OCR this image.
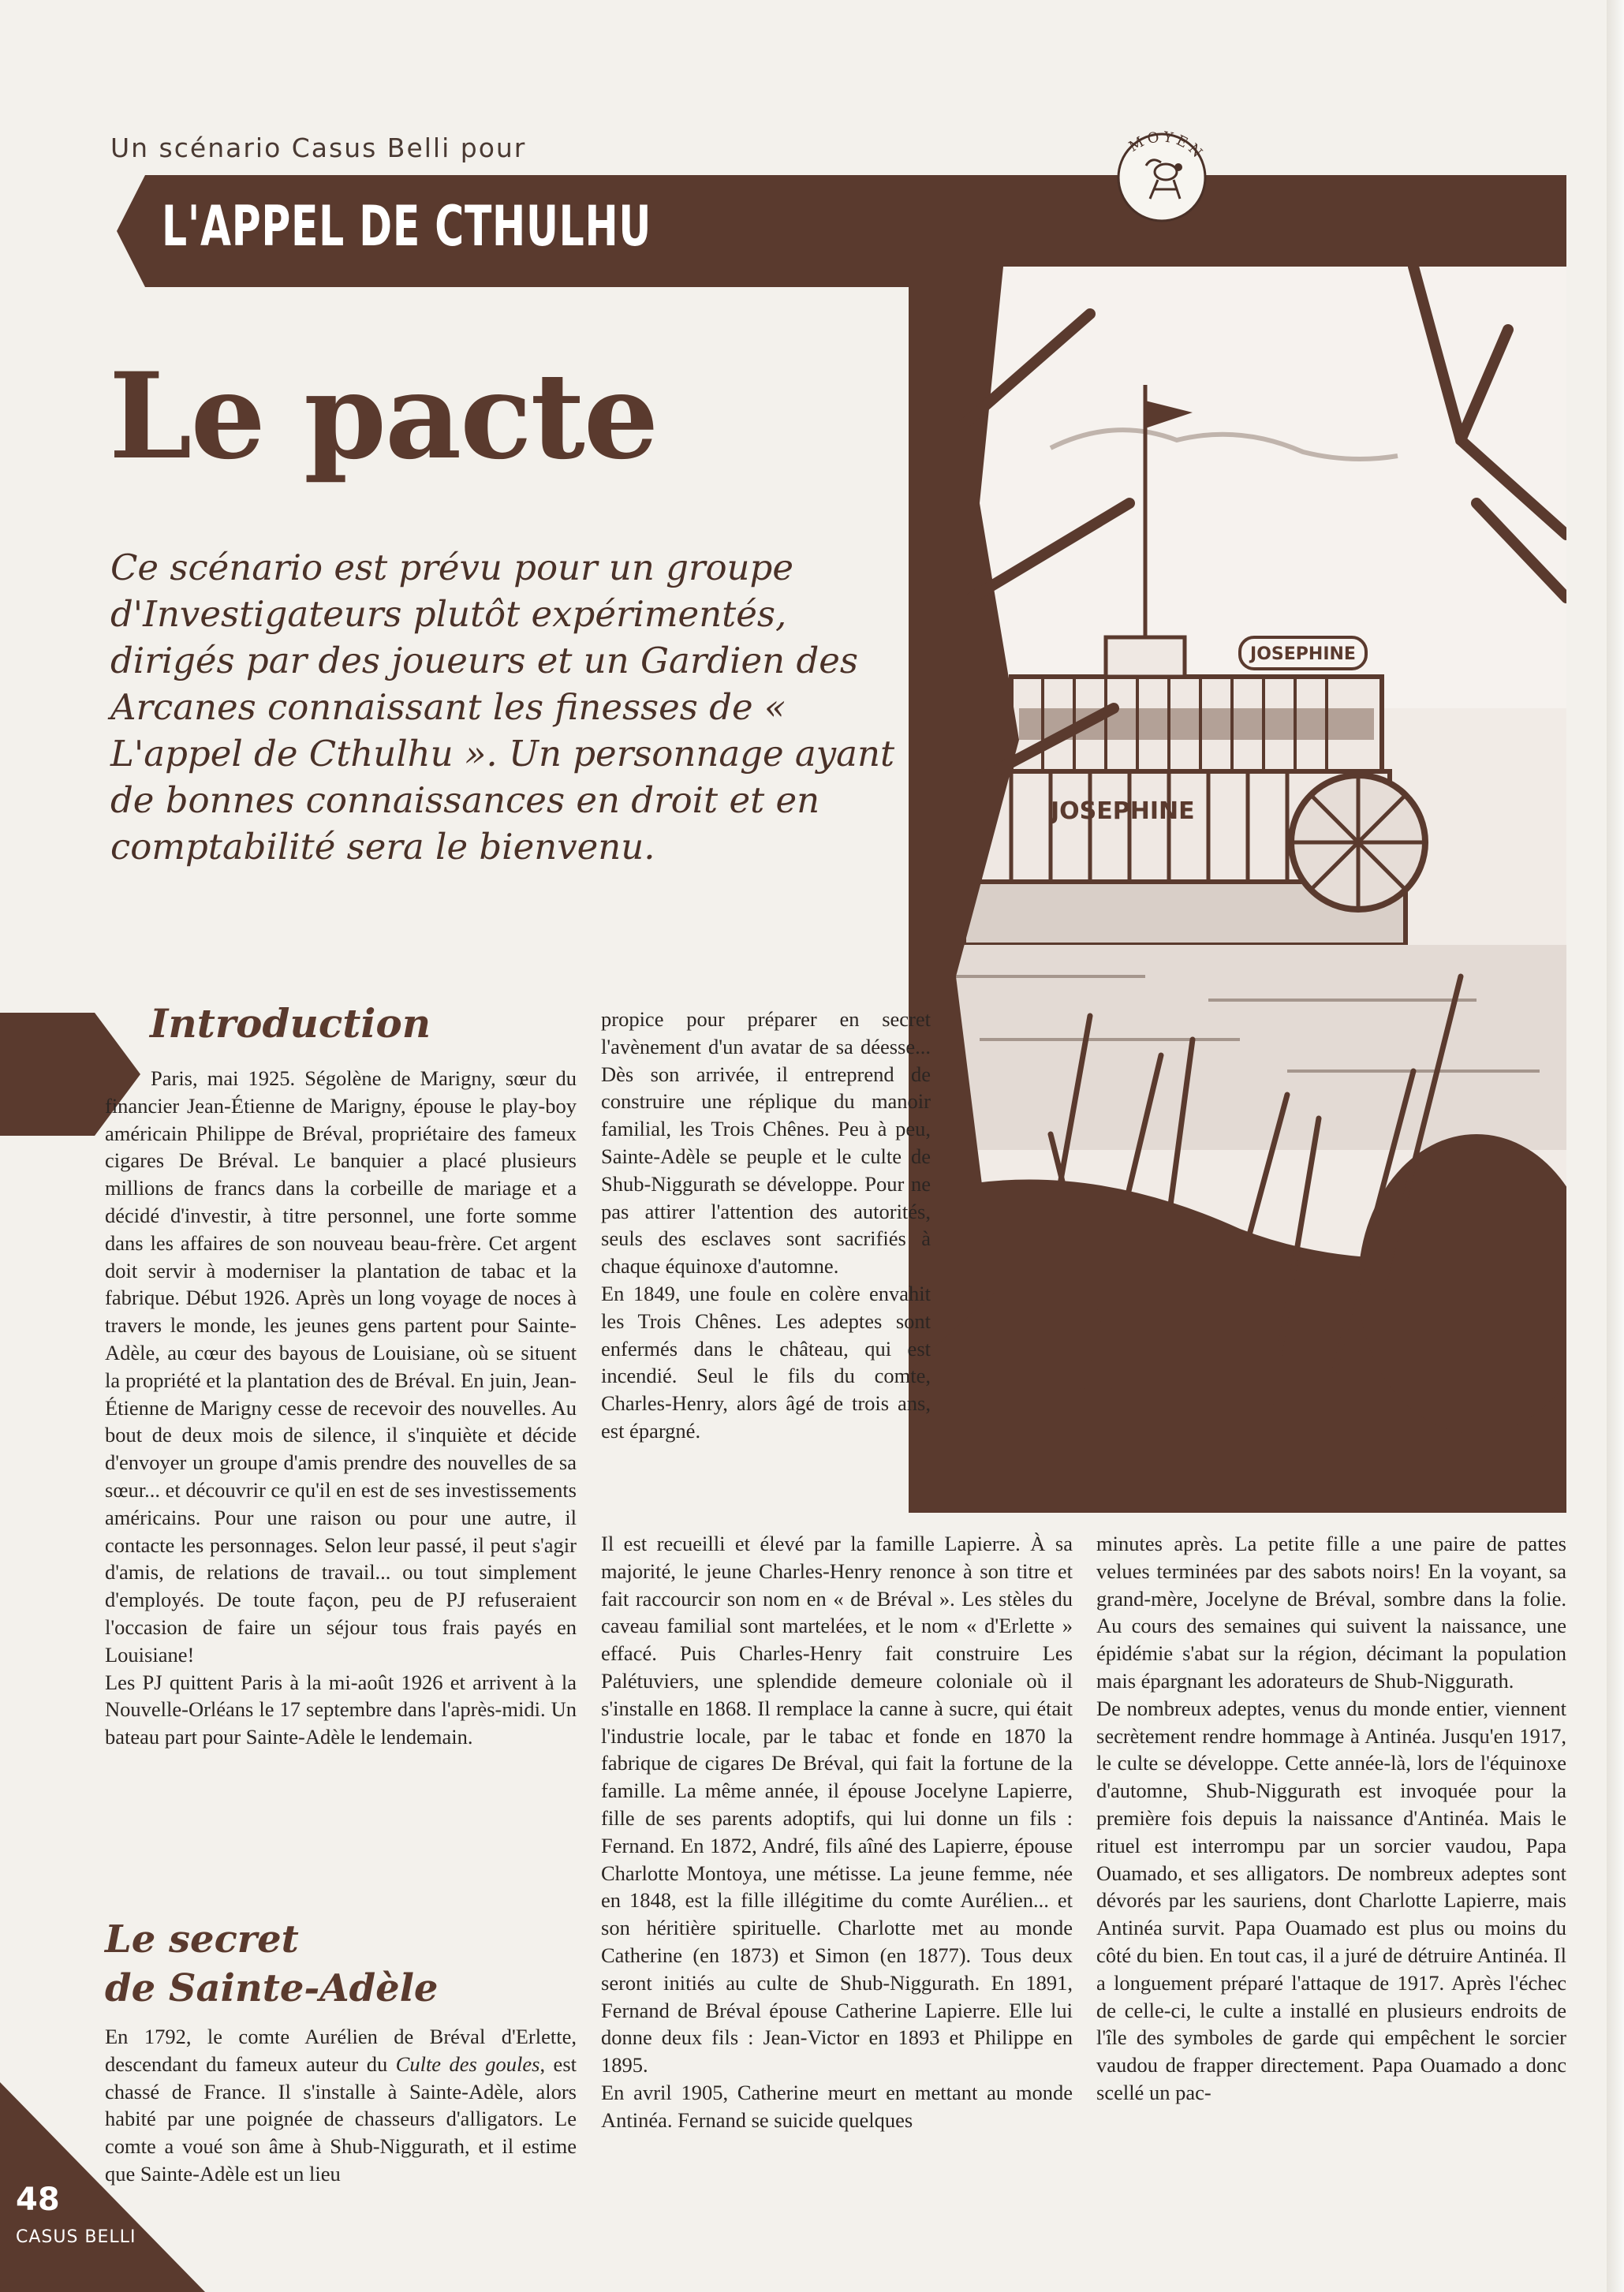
Un scénario Casus Belli pour
L'APPEL DE CTHULHU
MOYEN
Le pacte
Ce scénario est prévu pour un groupe d'Investigateurs plutôt expérimentés, dirigés par des joueurs et un Gardien des Arcanes connaissant les finesses de « L'appel de Cthulhu ». Un personnage ayant de bonnes connaissances en droit et en comptabilité sera le bienvenu.
JOSEPHINE
JOSEPHINE
Introduction

Paris, mai 1925. Ségolène de Marigny, sœur du financier Jean-Étienne de Marigny, épouse le play-boy américain Philippe de Bréval, propriétaire des fameux cigares De Bréval. Le banquier a placé plusieurs millions de francs dans la corbeille de mariage et a décidé d'investir, à titre personnel, une forte somme dans les affaires de son nouveau beau-frère. Cet argent doit servir à moderniser la plantation de tabac et la fabrique. Début 1926. Après un long voyage de noces à travers le monde, les jeunes gens partent pour Sainte-Adèle, au cœur des bayous de Louisiane, où se situent la propriété et la plantation des de Bréval. En juin, Jean-Étienne de Marigny cesse de recevoir des nouvelles. Au bout de deux mois de silence, il s'inquiète et décide d'envoyer un groupe d'amis prendre des nouvelles de sa sœur... et découvrir ce qu'il en est de ses investissements américains. Pour une raison ou pour une autre, il contacte les personnages. Selon leur passé, il peut s'agir d'amis, de relations de travail... ou tout simplement d'employés. De toute façon, peu de PJ refuseraient l'occasion de faire un séjour tous frais payés en Louisiane!

Les PJ quittent Paris à la mi-août 1926 et arrivent à la Nouvelle-Orléans le 17 septembre dans l'après-midi. Un bateau part pour Sainte-Adèle le lendemain.

Le secret
de Sainte-Adèle

En 1792, le comte Aurélien de Bréval d'Erlette, descendant du fameux auteur du Culte des goules, est chassé de France. Il s'installe à Sainte-Adèle, alors habité par une poignée de chasseurs d'alligators. Le comte a voué son âme à Shub-Niggurath, et il estime que Sainte-Adèle est un lieu

propice pour préparer en secret l'avènement d'un avatar de sa déesse... Dès son arrivée, il entreprend de construire une réplique du manoir familial, les Trois Chênes. Peu à peu, Sainte-Adèle se peuple et le culte de Shub-Niggurath se développe. Pour ne pas attirer l'attention des autorités, seuls des esclaves sont sacrifiés à chaque équinoxe d'automne.

En 1849, une foule en colère envahit les Trois Chênes. Les adeptes sont enfermés dans le château, qui est incendié. Seul le fils du comte, Charles-Henry, alors âgé de trois ans, est épargné.

Il est recueilli et élevé par la famille Lapierre. À sa majorité, le jeune Charles-Henry renonce à son titre et fait raccourcir son nom en « de Bréval ». Les stèles du caveau familial sont martelées, et le nom « d'Erlette » effacé. Puis Charles-Henry fait construire Les Palétuviers, une splendide demeure coloniale où il s'installe en 1868. Il remplace la canne à sucre, qui était l'industrie locale, par le tabac et fonde en 1870 la fabrique de cigares De Bréval, qui fait la fortune de la famille. La même année, il épouse Jocelyne Lapierre, fille de ses parents adoptifs, qui lui donne un fils : Fernand. En 1872, André, fils aîné des Lapierre, épouse Charlotte Montoya, une métisse. La jeune femme, née en 1848, est la fille illégitime du comte Aurélien... et son héritière spirituelle. Charlotte met au monde Catherine (en 1873) et Simon (en 1877). Tous deux seront initiés au culte de Shub-Niggurath. En 1891, Fernand de Bréval épouse Catherine Lapierre. Elle lui donne deux fils : Jean-Victor en 1893 et Philippe en 1895.

En avril 1905, Catherine meurt en mettant au monde Antinéa. Fernand se suicide quelques

minutes après. La petite fille a une paire de pattes velues terminées par des sabots noirs! En la voyant, sa grand-mère, Jocelyne de Bréval, sombre dans la folie. Au cours des semaines qui suivent la naissance, une épidémie s'abat sur la région, décimant la population mais épargnant les adorateurs de Shub-Niggurath.

De nombreux adeptes, venus du monde entier, viennent secrètement rendre hommage à Antinéa. Jusqu'en 1917, le culte se développe. Cette année-là, lors de l'équinoxe d'automne, Shub-Niggurath est invoquée pour la première fois depuis la naissance d'Antinéa. Mais le rituel est interrompu par un sorcier vaudou, Papa Ouamado, et ses alligators. De nombreux adeptes sont dévorés par les sauriens, dont Charlotte Lapierre, mais Antinéa survit. Papa Ouamado est plus ou moins du côté du bien. En tout cas, il a juré de détruire Antinéa. Il a longuement préparé l'attaque de 1917. Après l'échec de celle-ci, le culte a installé en plusieurs endroits de l'île des symboles de garde qui empêchent le sorcier vaudou de frapper directement. Papa Ouamado a donc scellé un pac-

48
CASUS BELLI
